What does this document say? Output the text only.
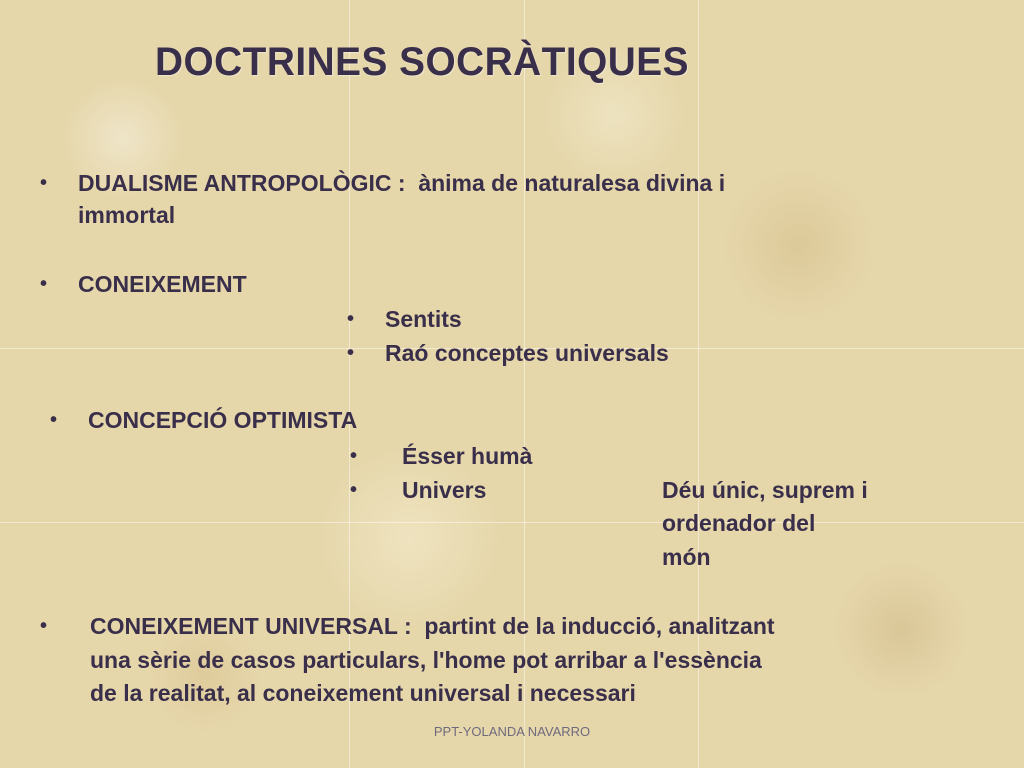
DOCTRINES SOCRÀTIQUES
• DUALISME ANTROPOLÒGIC : ànima de naturalesa divina i
immortal
• CONEIXEMENT
• Sentits
• Raó conceptes universals
• CONCEPCIÓ OPTIMISTA
• Ésser humà
• Univers	Déu únic, suprem i
ordenador del
món
• CONEIXEMENT UNIVERSAL : partint de la inducció, analitzant
una sèrie de casos particulars, l'home pot arribar a l'essència
de la realitat, al coneixement universal i necessari
PPT-YOLANDA NAVARRO
